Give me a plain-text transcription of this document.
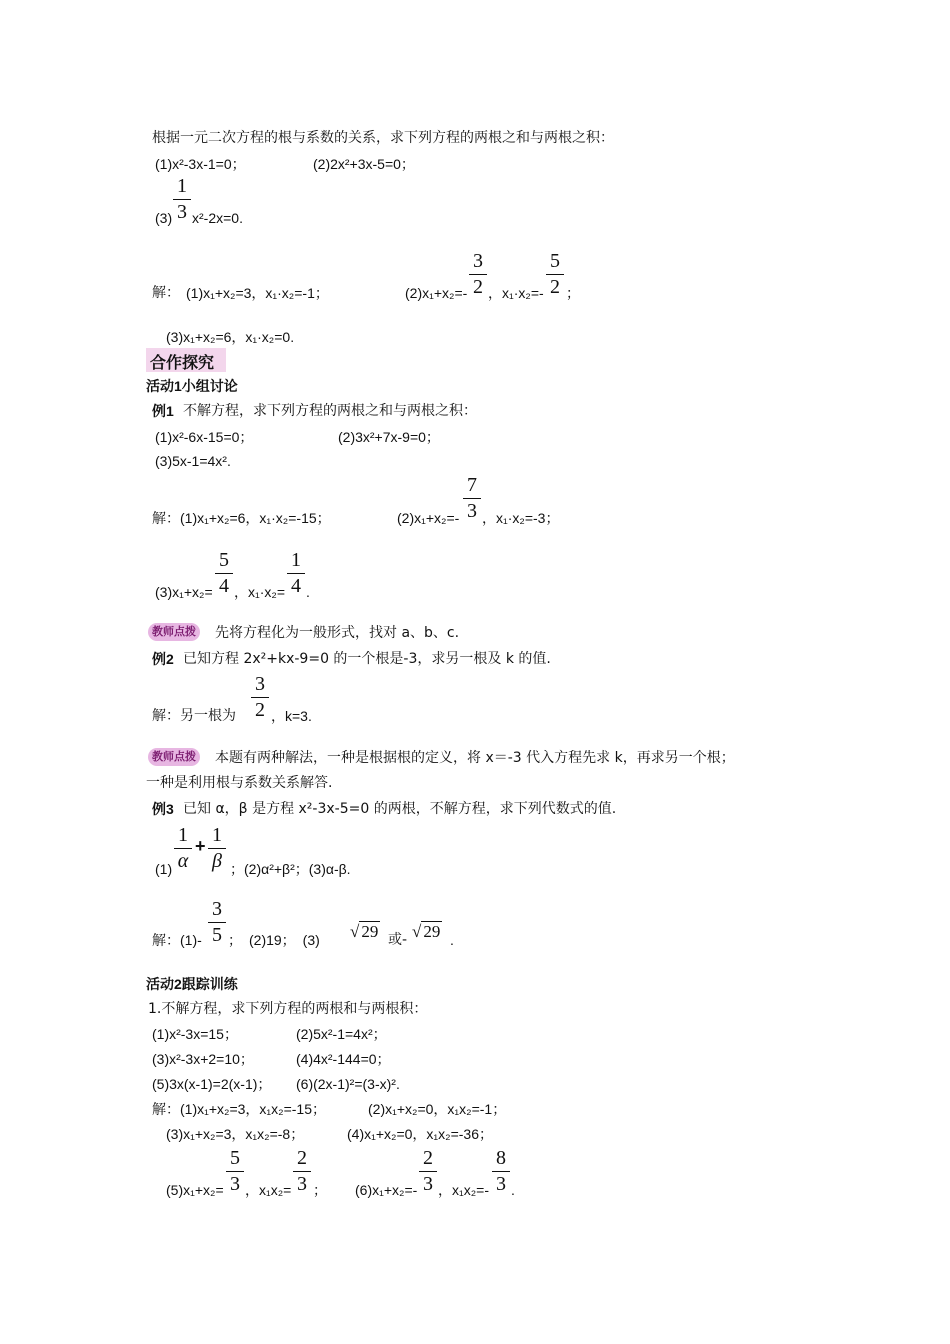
根据一元二次方程的根与系数的关系，求下列方程的两根之和与两根之积：
(1)x²-3x-1=0；	(2)2x²+3x-5=0；
(3)
1
3 x²-2x=0.
解： (1)x₁+x₂=3，x₁·x₂=-1；	(2)x₁+x₂=-
3
2 ，x₁·x₂=-
5
2 ；
(3)x₁+x₂=6，x₁·x₂=0.
合作探究
活动1小组讨论
例1 不解方程，求下列方程的两根之和与两根之积：
(1)x²-6x-15=0；	(2)3x²+7x-9=0；
(3)5x-1=4x².
解：(1)x₁+x₂=6，x₁·x₂=-15；	(2)x₁+x₂=-
7
3 ，x₁·x₂=-3；
(3)x₁+x₂=
5
4 ，x₁·x₂=
1
4 .
教师点拨 先将方程化为一般形式，找对 a、b、c.
例2 已知方程 2x²+kx-9=0 的一个根是-3，求另一根及 k 的值.
解：另一根为
3
2 ，k=3.
教师点拨 本题有两种解法，一种是根据根的定义，将 x＝-3 代入方程先求 k，再求另一个根；
一种是利用根与系数关系解答.
例3 已知 α，β 是方程 x²-3x-5=0 的两根，不解方程，求下列代数式的值.
(1)
1
α
+ 1
β ；(2)α²+β²；(3)α-β.
解：(1)-
3
5 ；　(2)19；　(3) √ 29 或- √ 29 .
活动2跟踪训练
1.不解方程，求下列方程的两根和与两根积：
(1)x²-3x=15；	(2)5x²-1=4x²；
(3)x²-3x+2=10；	(4)4x²-144=0；
(5)3x(x-1)=2(x-1)； (6)(2x-1)²=(3-x)².
解：(1)x₁+x₂=3，x₁x₂=-15；	(2)x₁+x₂=0，x₁x₂=-1；
(3)x₁+x₂=3，x₁x₂=-8；	(4)x₁+x₂=0，x₁x₂=-36；
(5)x₁+x₂=
5
3 ，x₁x₂=
2
3 ； (6)x₁+x₂=-
2
3 ，x₁x₂=-
8
3 .
